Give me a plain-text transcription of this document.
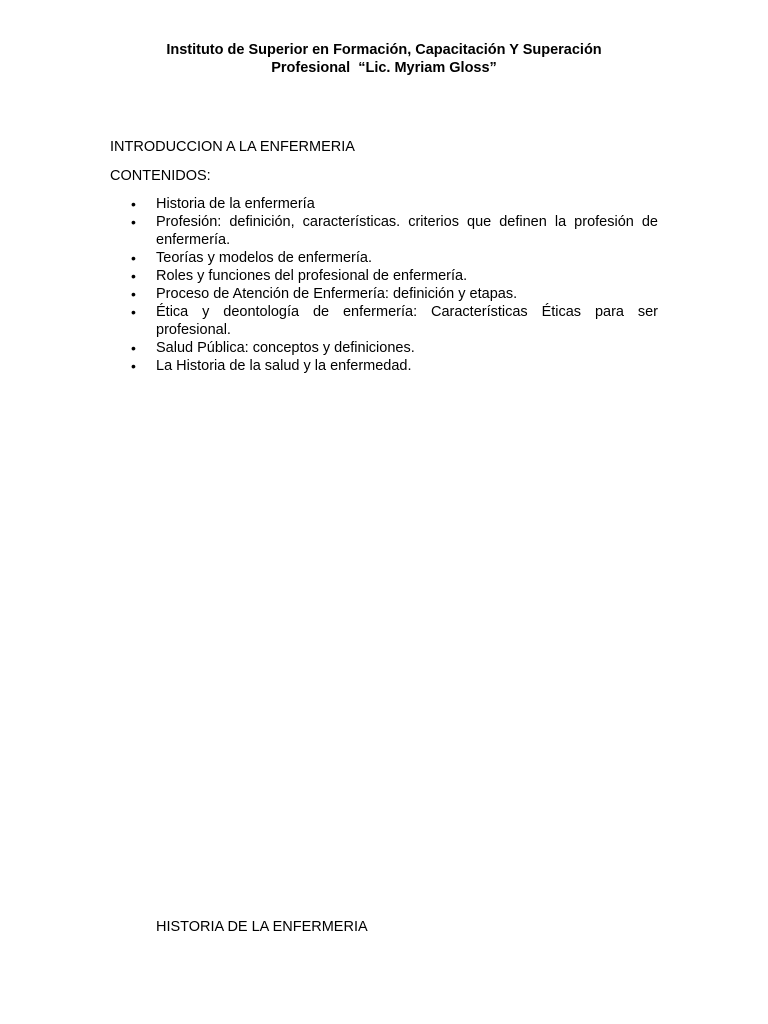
Instituto de Superior en Formación, Capacitación Y Superación
Profesional  “Lic. Myriam Gloss”
INTRODUCCION A LA ENFERMERIA
CONTENIDOS:
• Historia de la enfermería
• Profesión: definición, características. criterios que definen la profesión de enfermería.
• Teorías y modelos de enfermería.
• Roles y funciones del profesional de enfermería.
• Proceso de Atención de Enfermería: definición y etapas.
• Ética y deontología de enfermería: Características Éticas para ser profesional.
• Salud Pública: conceptos y definiciones.
• La Historia de la salud y la enfermedad.
HISTORIA DE LA ENFERMERIA
